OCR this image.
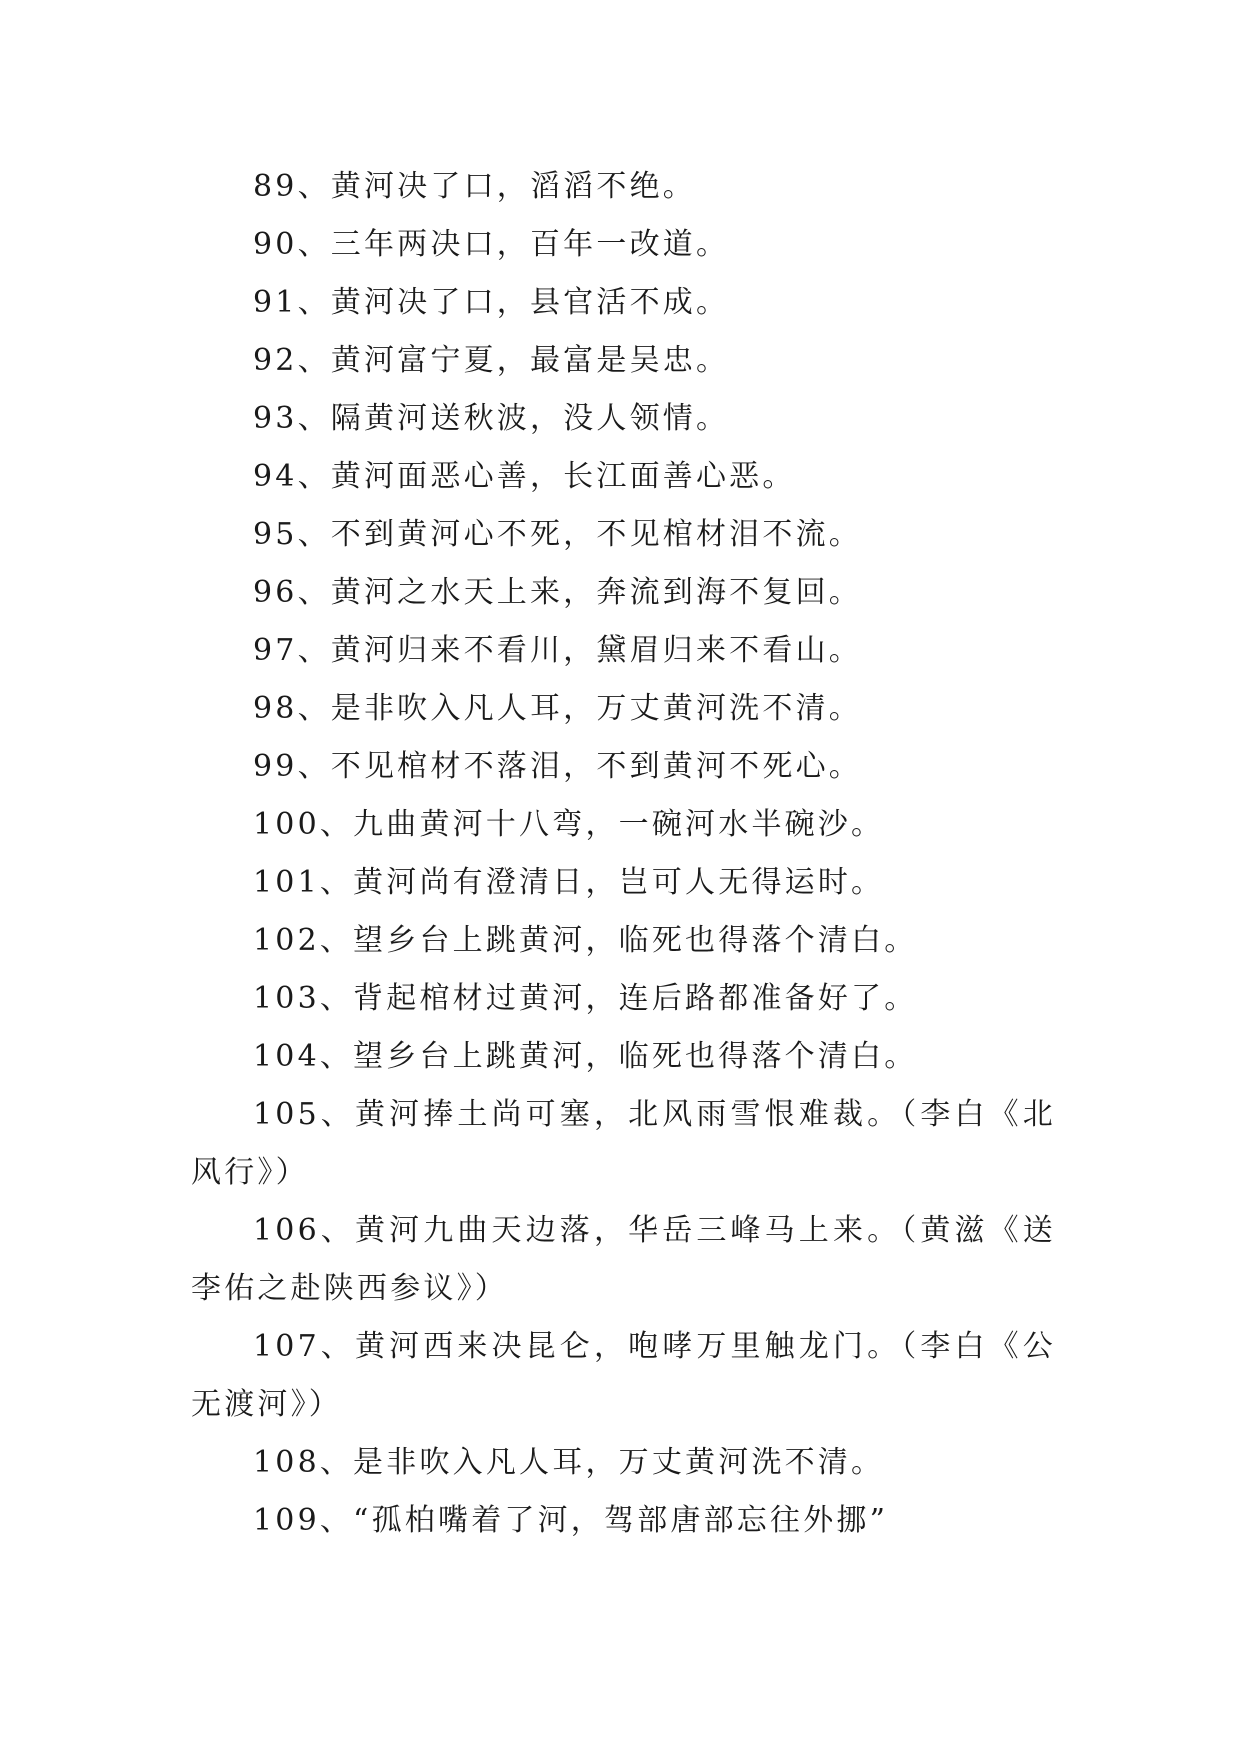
89、黄河决了口，滔滔不绝。

90、三年两决口，百年一改道。

91、黄河决了口，县官活不成。

92、黄河富宁夏，最富是吴忠。

93、隔黄河送秋波，没人领情。

94、黄河面恶心善，长江面善心恶。

95、不到黄河心不死，不见棺材泪不流。

96、黄河之水天上来，奔流到海不复回。

97、黄河归来不看川，黛眉归来不看山。

98、是非吹入凡人耳，万丈黄河洗不清。

99、不见棺材不落泪，不到黄河不死心。

100、九曲黄河十八弯，一碗河水半碗沙。

101、黄河尚有澄清日，岂可人无得运时。

102、望乡台上跳黄河，临死也得落个清白。

103、背起棺材过黄河，连后路都准备好了。

104、望乡台上跳黄河，临死也得落个清白。

105、黄河捧土尚可塞，北风雨雪恨难裁。（李白《北风行》）

106、黄河九曲天边落，华岳三峰马上来。（黄滋《送李佑之赴陕西参议》）

107、黄河西来决昆仑，咆哮万里触龙门。（李白《公无渡河》）

108、是非吹入凡人耳，万丈黄河洗不清。

109、“孤柏嘴着了河，驾部唐部忘往外挪”
